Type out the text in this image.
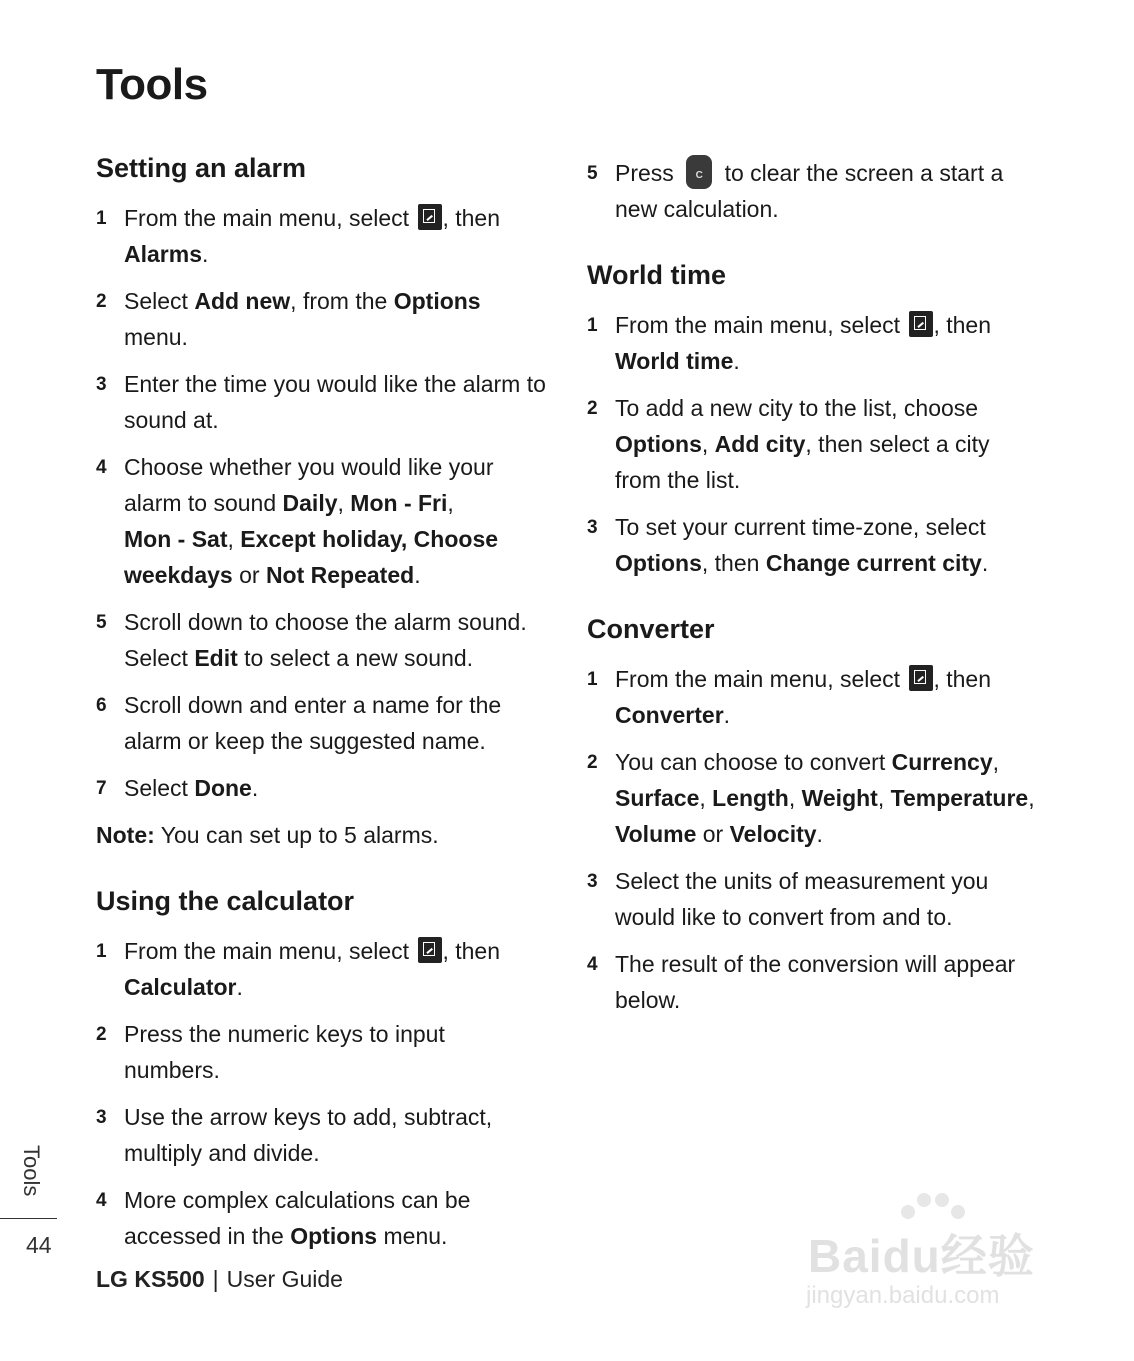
Tools
Setting an alarm
1 From the main menu, select , then
Alarms.
2 Select Add new, from the Options menu.
3 Enter the time you would like the alarm to sound at.
4 Choose whether you would like your alarm to sound Daily, Mon - Fri,
Mon - Sat, Except holiday, Choose weekdays or Not Repeated.
5 Scroll down to choose the alarm sound. Select Edit to select a new sound.
6 Scroll down and enter a name for the alarm or keep the suggested name.
7 Select Done.
Note: You can set up to 5 alarms.
Using the calculator
1 From the main menu, select , then
Calculator.
2 Press the numeric keys to input numbers.
3 Use the arrow keys to add, subtract, multiply and divide.
4 More complex calculations can be accessed in the Options menu.
5 Press	C to clear the screen a start a new calculation.
World time
1 From the main menu, select , then
World time.
2 To add a new city to the list, choose
Options, Add city, then select a city from the list.
3 To set your current time-zone, select
Options, then Change current city.
Converter
1 From the main menu, select , then
Converter.
2 You can choose to convert Currency,
Surface, Length, Weight, Temperature,
Volume or Velocity.
3 Select the units of measurement you would like to convert from and to.
4 The result of the conversion will appear below.
Tools
44
LG KS500 | User Guide	Baidu经验
jingyan.baidu.com
